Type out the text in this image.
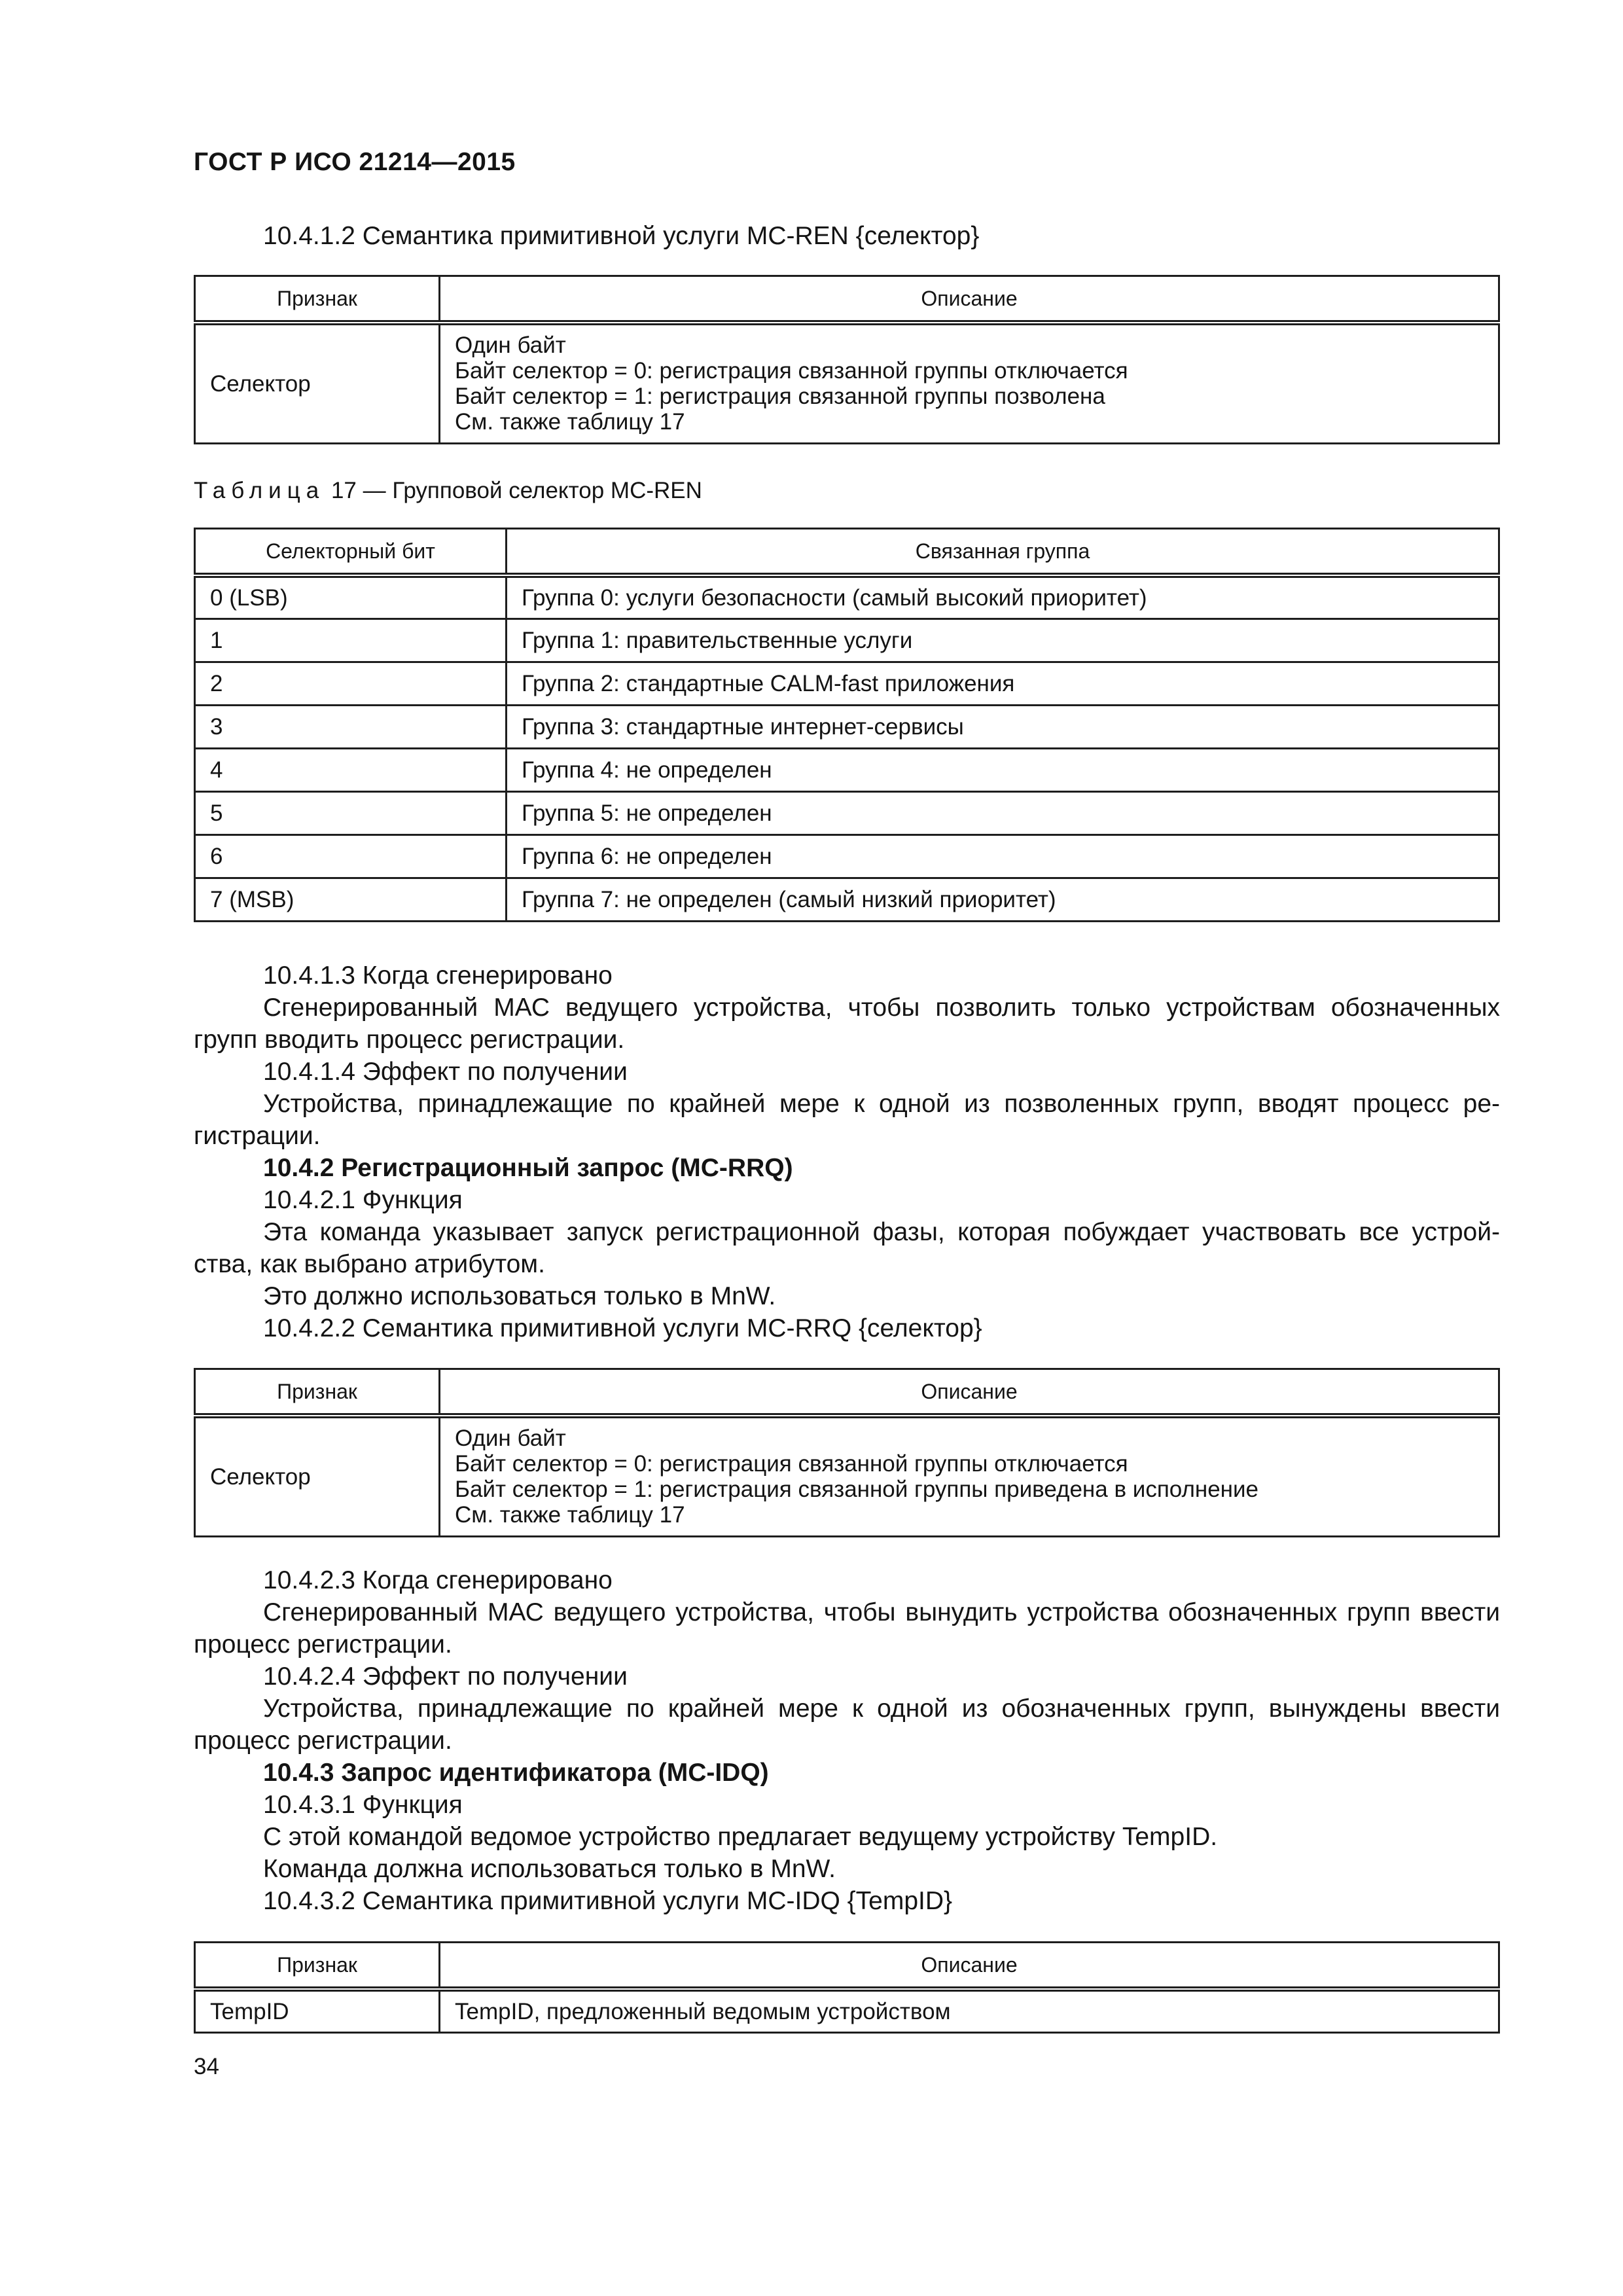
ГОСТ Р ИСО 21214—2015

10.4.1.2 Семантика примитивной услуги МС-REN {селектор}

Признак	Описание
Селектор	Один байт
Байт селектор = 0: регистрация связанной группы отключается
Байт селектор = 1: регистрация связанной группы позволена
См. также таблицу 17
Таблица 17 — Групповой селектор МС-REN
Селекторный бит	Связанная группа
0 (LSB)	Группа 0: услуги безопасности (самый высокий приоритет)
1	Группа 1: правительственные услуги
2	Группа 2: стандартные CALM-fast приложения
3	Группа 3: стандартные интернет-сервисы
4	Группа 4: не определен
5	Группа 5: не определен
6	Группа 6: не определен
7 (MSB)	Группа 7: не определен (самый низкий приоритет)

10.4.1.3 Когда сгенерировано

Сгенерированный МАС ведущего устройства, чтобы позволить только устройствам обозначенных групп вводить процесс регистрации.

10.4.1.4 Эффект по получении

Устройства, принадлежащие по крайней мере к одной из позволенных групп, вводят процесс ре-гистрации.

10.4.2 Регистрационный запрос (МС-RRQ)

10.4.2.1 Функция

Эта команда указывает запуск регистрационной фазы, которая побуждает участвовать все устрой-ства, как выбрано атрибутом.

Это должно использоваться только в MnW.

10.4.2.2 Семантика примитивной услуги МС-RRQ {селектор}

Признак	Описание
Селектор	Один байт
Байт селектор = 0: регистрация связанной группы отключается
Байт селектор = 1: регистрация связанной группы приведена в исполнение
См. также таблицу 17

10.4.2.3 Когда сгенерировано

Сгенерированный МАС ведущего устройства, чтобы вынудить устройства обозначенных групп ввести процесс регистрации.

10.4.2.4 Эффект по получении

Устройства, принадлежащие по крайней мере к одной из обозначенных групп, вынуждены ввести процесс регистрации.

10.4.3 Запрос идентификатора (МС-IDQ)

10.4.3.1 Функция

С этой командой ведомое устройство предлагает ведущему устройству TempID.

Команда должна использоваться только в MnW.

10.4.3.2 Семантика примитивной услуги МС-IDQ {TempID}

Признак	Описание
TempID	TempID, предложенный ведомым устройством
34
